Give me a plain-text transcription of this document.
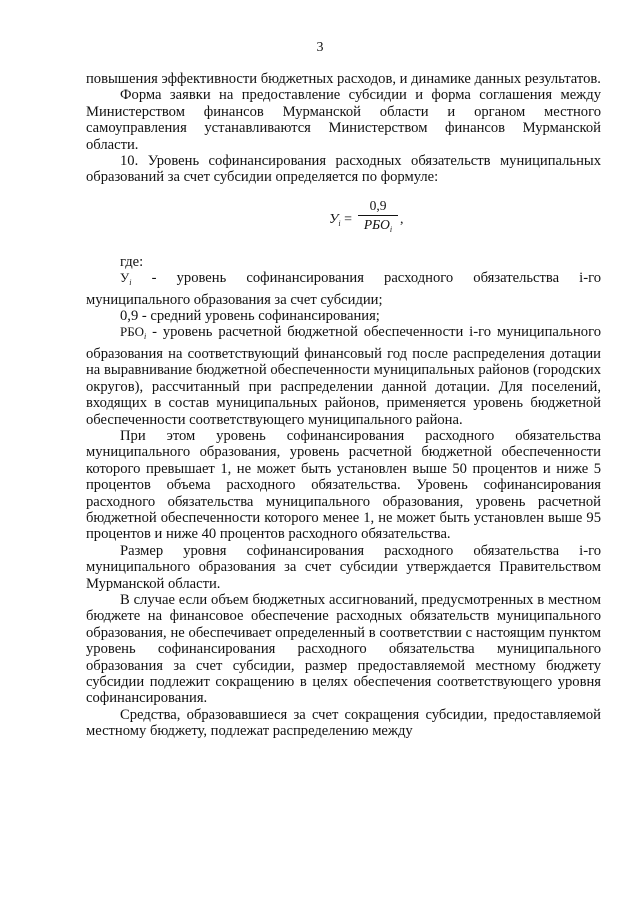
3

повышения эффективности бюджетных расходов, и динамике данных результатов.

Форма заявки на предоставление субсидии и форма соглашения между Министерством финансов Мурманской области и органом местного самоуправления устанавливаются Министерством финансов Мурманской области.

10. Уровень софинансирования расходных обязательств муниципальных образований за счет субсидии определяется по формуле:

$У_i$ =
0,9
$РБО_i$
,

где:

$У_i$ - уровень софинансирования расходного обязательства i-го муниципального образования за счет субсидии;

0,9 - средний уровень софинансирования;

$РБО_i$ - уровень расчетной бюджетной обеспеченности i-го муниципального образования на соответствующий финансовый год после распределения дотации на выравнивание бюджетной обеспеченности муниципальных районов (городских округов), рассчитанный при распределении данной дотации. Для поселений, входящих в состав муниципальных районов, применяется уровень бюджетной обеспеченности соответствующего муниципального района.

При этом уровень софинансирования расходного обязательства муниципального образования, уровень расчетной бюджетной обеспеченности которого превышает 1, не может быть установлен выше 50 процентов и ниже 5 процентов объема расходного обязательства. Уровень софинансирования расходного обязательства муниципального образования, уровень расчетной бюджетной обеспеченности которого менее 1, не может быть установлен выше 95 процентов и ниже 40 процентов расходного обязательства.

Размер уровня софинансирования расходного обязательства i-го муниципального образования за счет субсидии утверждается Правительством Мурманской области.

В случае если объем бюджетных ассигнований, предусмотренных в местном бюджете на финансовое обеспечение расходных обязательств муниципального образования, не обеспечивает определенный в соответствии с настоящим пунктом уровень софинансирования расходного обязательства муниципального образования за счет субсидии, размер предоставляемой местному бюджету субсидии подлежит сокращению в целях обеспечения соответствующего уровня софинансирования.

Средства, образовавшиеся за счет сокращения субсидии, предоставляемой местному бюджету, подлежат распределению между
